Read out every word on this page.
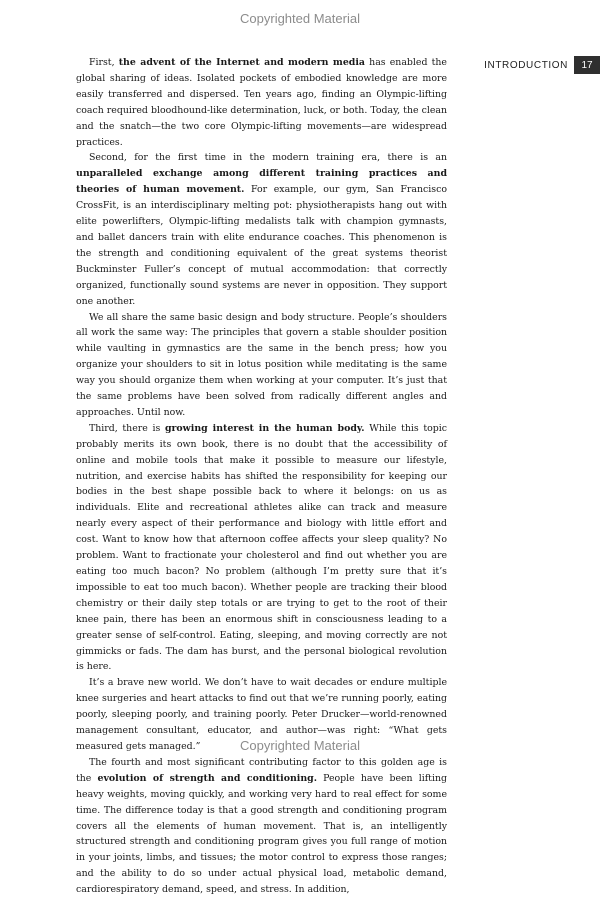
Copyrighted Material
INTRODUCTION	17

First, the advent of the Internet and modern media has enabled the global sharing of ideas. Isolated pockets of embodied knowledge are more easily transferred and dispersed. Ten years ago, finding an Olympic-lifting coach required bloodhound-like determination, luck, or both. Today, the clean and the snatch—the two core Olympic-lifting movements—are widespread practices.

Second, for the first time in the modern training era, there is an unparalleled exchange among different training practices and theories of human movement. For example, our gym, San Francisco CrossFit, is an interdisciplinary melting pot: physiotherapists hang out with elite powerlifters, Olympic-lifting medalists talk with champion gymnasts, and ballet dancers train with elite endurance coaches. This phenomenon is the strength and conditioning equivalent of the great systems theorist Buckminster Fuller’s concept of mutual accommodation: that correctly organized, functionally sound systems are never in opposition. They support one another.

We all share the same basic design and body structure. People’s shoulders all work the same way: The principles that govern a stable shoulder position while vaulting in gymnastics are the same in the bench press; how you organize your shoulders to sit in lotus position while meditating is the same way you should organize them when working at your computer. It’s just that the same problems have been solved from radically different angles and approaches. Until now.

Third, there is growing interest in the human body. While this topic probably merits its own book, there is no doubt that the accessibility of online and mobile tools that make it possible to measure our lifestyle, nutrition, and exercise habits has shifted the responsibility for keeping our bodies in the best shape possible back to where it belongs: on us as individuals. Elite and recreational athletes alike can track and measure nearly every aspect of their performance and biology with little effort and cost. Want to know how that afternoon coffee affects your sleep quality? No problem. Want to fractionate your cholesterol and find out whether you are eating too much bacon? No problem (although I’m pretty sure that it’s impossible to eat too much bacon). Whether people are tracking their blood chemistry or their daily step totals or are trying to get to the root of their knee pain, there has been an enormous shift in consciousness leading to a greater sense of self-control. Eating, sleeping, and moving correctly are not gimmicks or fads. The dam has burst, and the personal biological revolution is here.

It’s a brave new world. We don’t have to wait decades or endure multiple knee surgeries and heart attacks to find out that we’re running poorly, eating poorly, sleeping poorly, and training poorly. Peter Drucker—world-renowned management consultant, educator, and author—was right: “What gets measured gets managed.”

The fourth and most significant contributing factor to this golden age is the evolution of strength and conditioning. People have been lifting heavy weights, moving quickly, and working very hard to real effect for some time. The difference today is that a good strength and conditioning program covers all the elements of human movement. That is, an intelligently structured strength and conditioning program gives you full range of motion in your joints, limbs, and tissues; the motor control to express those ranges; and the ability to do so under actual physical load, metabolic demand, cardiorespiratory demand, speed, and stress. In addition,

Copyrighted Material
